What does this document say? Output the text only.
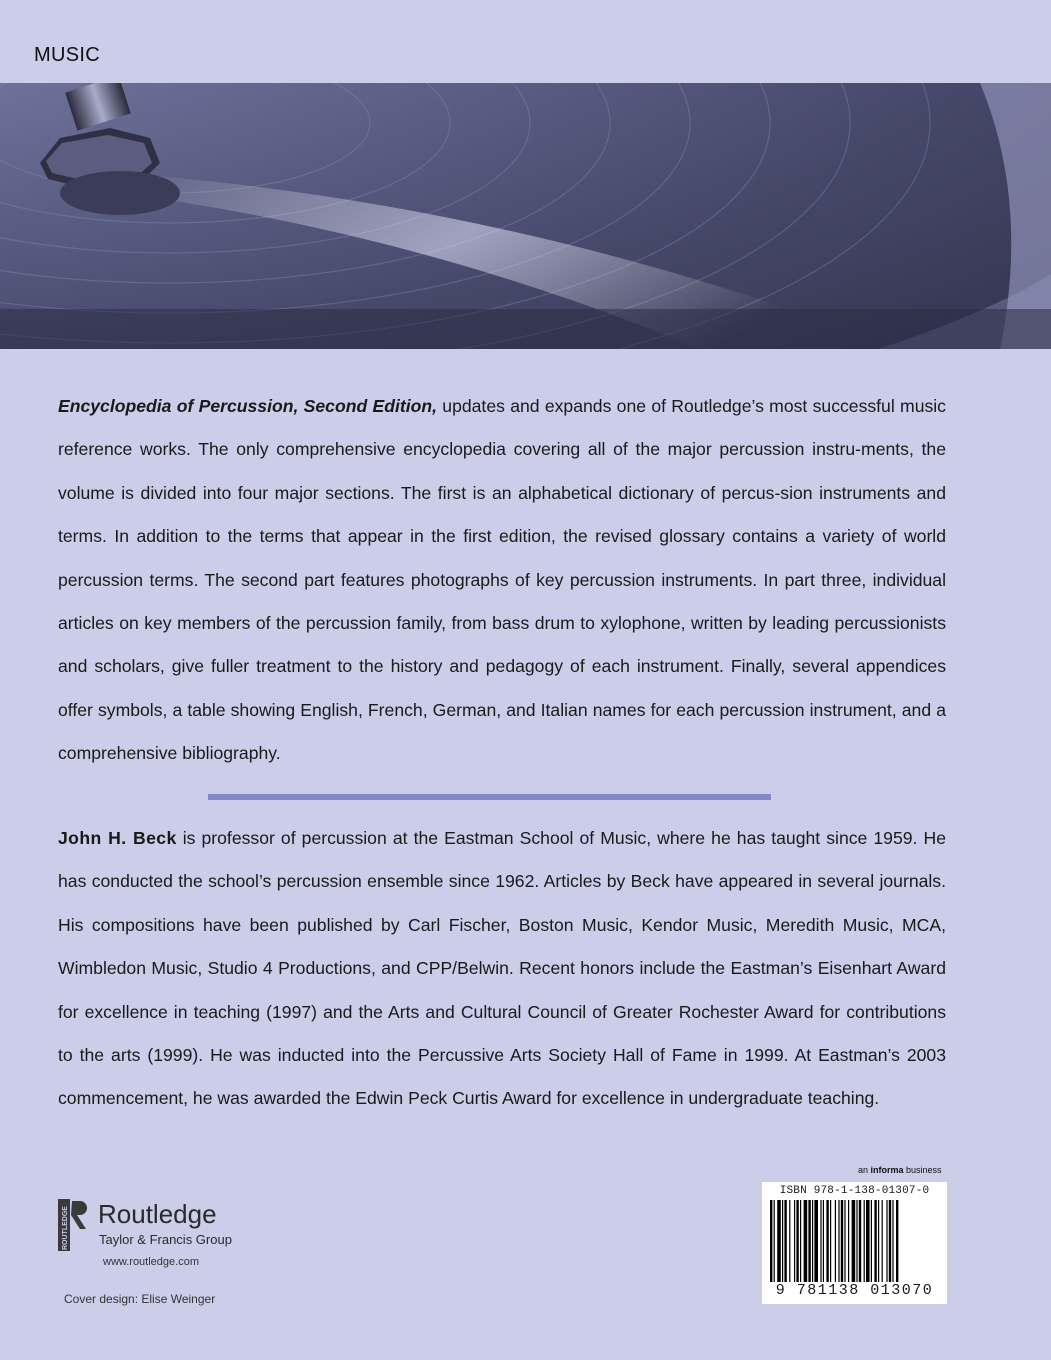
MUSIC
Encyclopedia of Percussion, Second Edition, updates and expands one of Routledge’s most successful music reference works. The only comprehensive encyclopedia covering all of the major percussion instru-ments, the volume is divided into four major sections. The first is an alphabetical dictionary of percus-sion instruments and terms. In addition to the terms that appear in the first edition, the revised glossary contains a variety of world percussion terms. The second part features photographs of key percussion instruments. In part three, individual articles on key members of the percussion family, from bass drum to xylophone, written by leading percussionists and scholars, give fuller treatment to the history and pedagogy of each instrument. Finally, several appendices offer symbols, a table showing English, French, German, and Italian names for each percussion instrument, and a comprehensive bibliography.
John H. Beck is professor of percussion at the Eastman School of Music, where he has taught since 1959. He has conducted the school’s percussion ensemble since 1962. Articles by Beck have appeared in several journals. His compositions have been published by Carl Fischer, Boston Music, Kendor Music, Meredith Music, MCA, Wimbledon Music, Studio 4 Productions, and CPP/Belwin. Recent honors include the Eastman’s Eisenhart Award for excellence in teaching (1997) and the Arts and Cultural Council of Greater Rochester Award for contributions to the arts (1999). He was inducted into the Percussive Arts Society Hall of Fame in 1999. At Eastman’s 2003 commencement, he was awarded the Edwin Peck Curtis Award for excellence in undergraduate teaching.
an informa business
ISBN 978-1-138-01307-0
9 781138 013070
ROUTLEDGE Routledge
Taylor & Francis Group
www.routledge.com
Cover design: Elise Weinger
